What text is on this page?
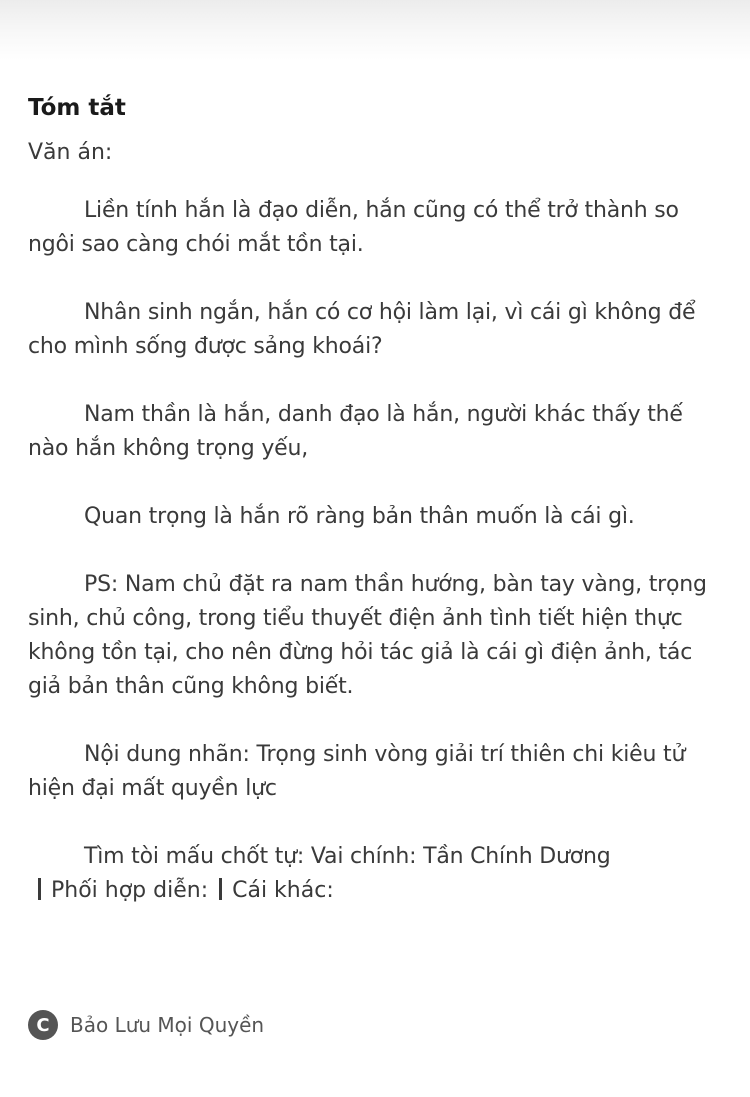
Tóm tắt

Văn án:

Liền tính hắn là đạo diễn, hắn cũng có thể trở thành so ngôi sao càng chói mắt tồn tại.

Nhân sinh ngắn, hắn có cơ hội làm lại, vì cái gì không để cho mình sống được sảng khoái?

Nam thần là hắn, danh đạo là hắn, người khác thấy thế nào hắn không trọng yếu,

Quan trọng là hắn rõ ràng bản thân muốn là cái gì.

PS: Nam chủ đặt ra nam thần hướng, bàn tay vàng, trọng sinh, chủ công, trong tiểu thuyết điện ảnh tình tiết hiện thực không tồn tại, cho nên đừng hỏi tác giả là cái gì điện ảnh, tác giả bản thân cũng không biết.

Nội dung nhãn: Trọng sinh vòng giải trí thiên chi kiêu tử hiện đại mất quyền lực

Tìm tòi mấu chốt tự: Vai chính: Tần Chính Dương

Phối hợp diễn: Cái khác:

C	Bảo Lưu Mọi Quyền
